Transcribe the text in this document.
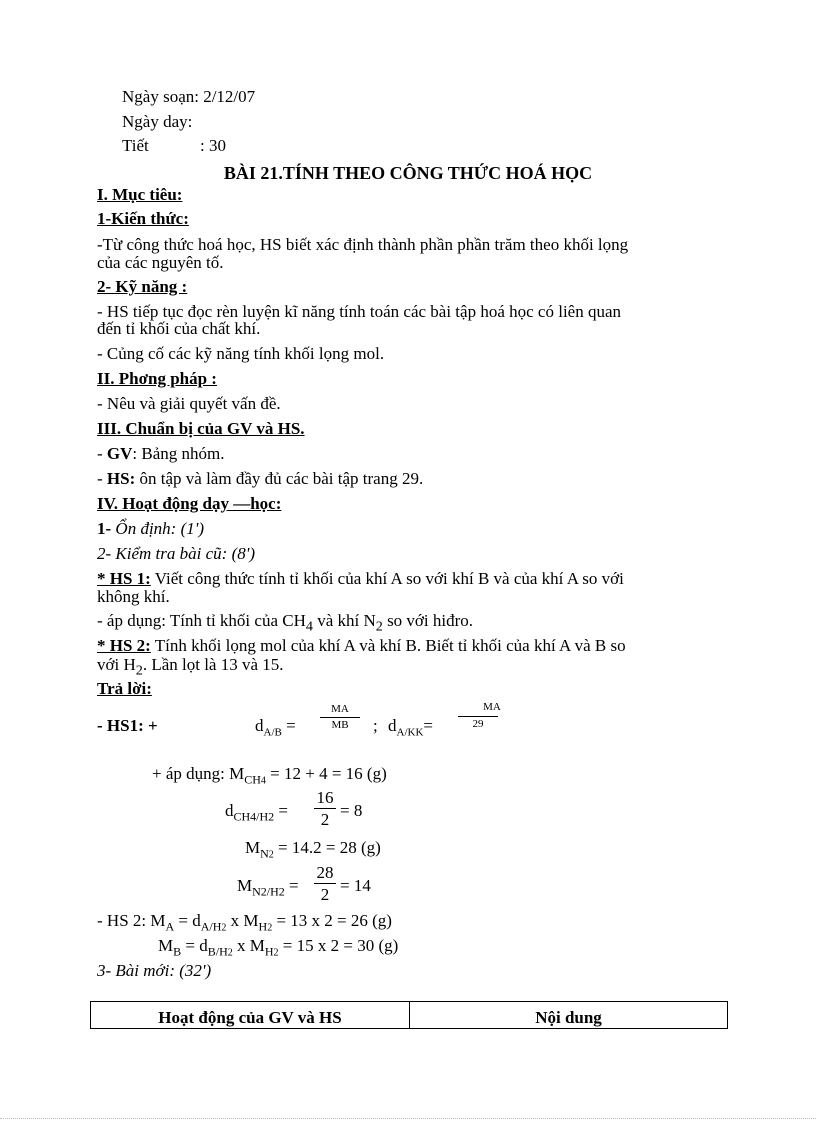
Ngày soạn: 2/12/07
Ngày day:
Tiết	: 30
BÀI 21.TÍNH THEO CÔNG THỨC HOÁ HỌC
I. Mục tiêu:
1-Kiến thức:
-Từ công thức hoá học, HS biết xác định thành phần phần trăm theo khối lọng
của các nguyên tố.
2- Kỹ năng :
- HS tiếp tục đọc rèn luyện kĩ năng tính toán các bài tập hoá học có liên quan
đến tỉ khối của chất khí.
- Củng cố các kỹ năng tính khối lọng mol.
II. Phơng pháp :
- Nêu và giải quyết vấn đề.
III. Chuẩn bị của GV và HS.
- GV: Bảng nhóm.
- HS: ôn tập và làm đầy đủ các bài tập trang 29.
IV. Hoạt động dạy —học:
1- Ổn định: (1')
2- Kiểm tra bài cũ: (8')
* HS 1: Viết công thức tính tỉ khối của khí A so với khí B và của khí A so với
không khí.
- áp dụng: Tính tỉ khối của $CH_4$ và khí $N_2$ so với hiđro.
* HS 2: Tính khối lọng mol của khí A và khí B. Biết tỉ khối của khí A và B so
với $H_2$. Lần lọt là 13 và 15.
Trả lời:
- HS1: +	$d_{A/B} = \frac{MA}{MB}$ ; $d_{A/KK}= \frac{MA}{29}$
+ áp dụng: $M_{CH4} = 12 + 4 = 16$ (g)
$d_{CH4/H2} = \frac{16}{2} = 8$
$M_{N2} = 14.2 = 28$ (g)
$M_{N2/H2} = \frac{28}{2} = 14$
- HS 2: $M_A = d_{A/H2}$ x $M_{H2} = 13$ x 2 = 26 (g)
$M_B = d_{B/H2}$ x $M_{H2} = 15$ x 2 = 30 (g)
3- Bài mới: (32')
Hoạt động của GV và HS	Nội dung
